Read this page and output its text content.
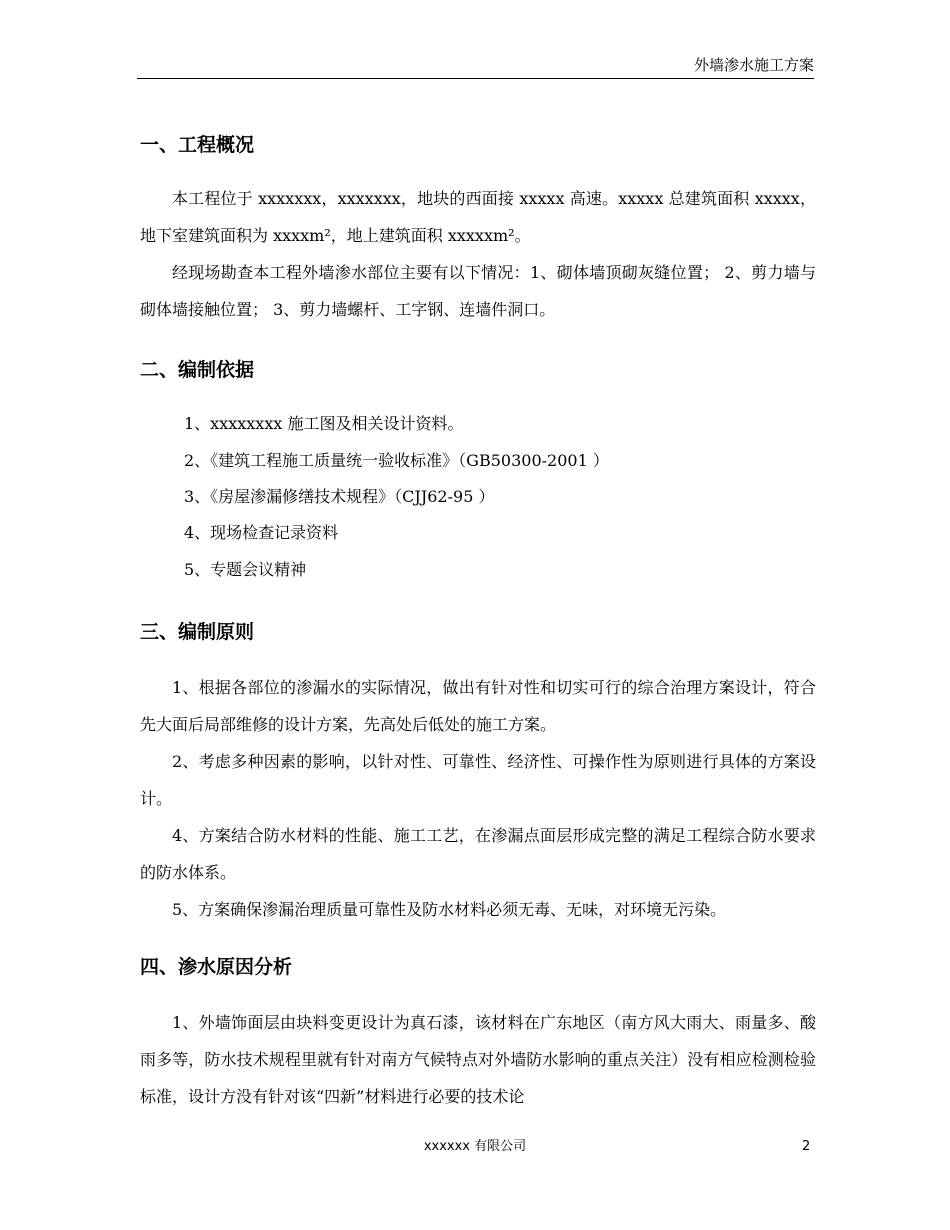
外墙渗水施工方案
一、工程概况
本工程位于 xxxxxxx，xxxxxxx，地块的西面接 xxxxx 高速。xxxxx 总建筑面积 xxxxx，地下室建筑面积为 xxxxm²，地上建筑面积 xxxxxm²。
经现场勘查本工程外墙渗水部位主要有以下情况：1、砌体墙顶砌灰缝位置； 2、剪力墙与砌体墙接触位置； 3、剪力墙螺杆、工字钢、连墙件洞口。
二、编制依据
1、xxxxxxxx 施工图及相关设计资料。
2、《建筑工程施工质量统一验收标准》（GB50300-2001 ）
3、《房屋渗漏修缮技术规程》（CJJ62-95 ）
4、现场检查记录资料
5、专题会议精神
三、编制原则
1、根据各部位的渗漏水的实际情况，做出有针对性和切实可行的综合治理方案设计，符合先大面后局部维修的设计方案，先高处后低处的施工方案。
2、考虑多种因素的影响，以针对性、可靠性、经济性、可操作性为原则进行具体的方案设计。
4、方案结合防水材料的性能、施工工艺，在渗漏点面层形成完整的满足工程综合防水要求的防水体系。
5、方案确保渗漏治理质量可靠性及防水材料必须无毒、无味，对环境无污染。
四、渗水原因分析
1、外墙饰面层由块料变更设计为真石漆，该材料在广东地区（南方风大雨大、雨量多、酸雨多等，防水技术规程里就有针对南方气候特点对外墙防水影响的重点关注）没有相应检测检验标准，设计方没有针对该“四新”材料进行必要的技术论
xxxxxx 有限公司	2
